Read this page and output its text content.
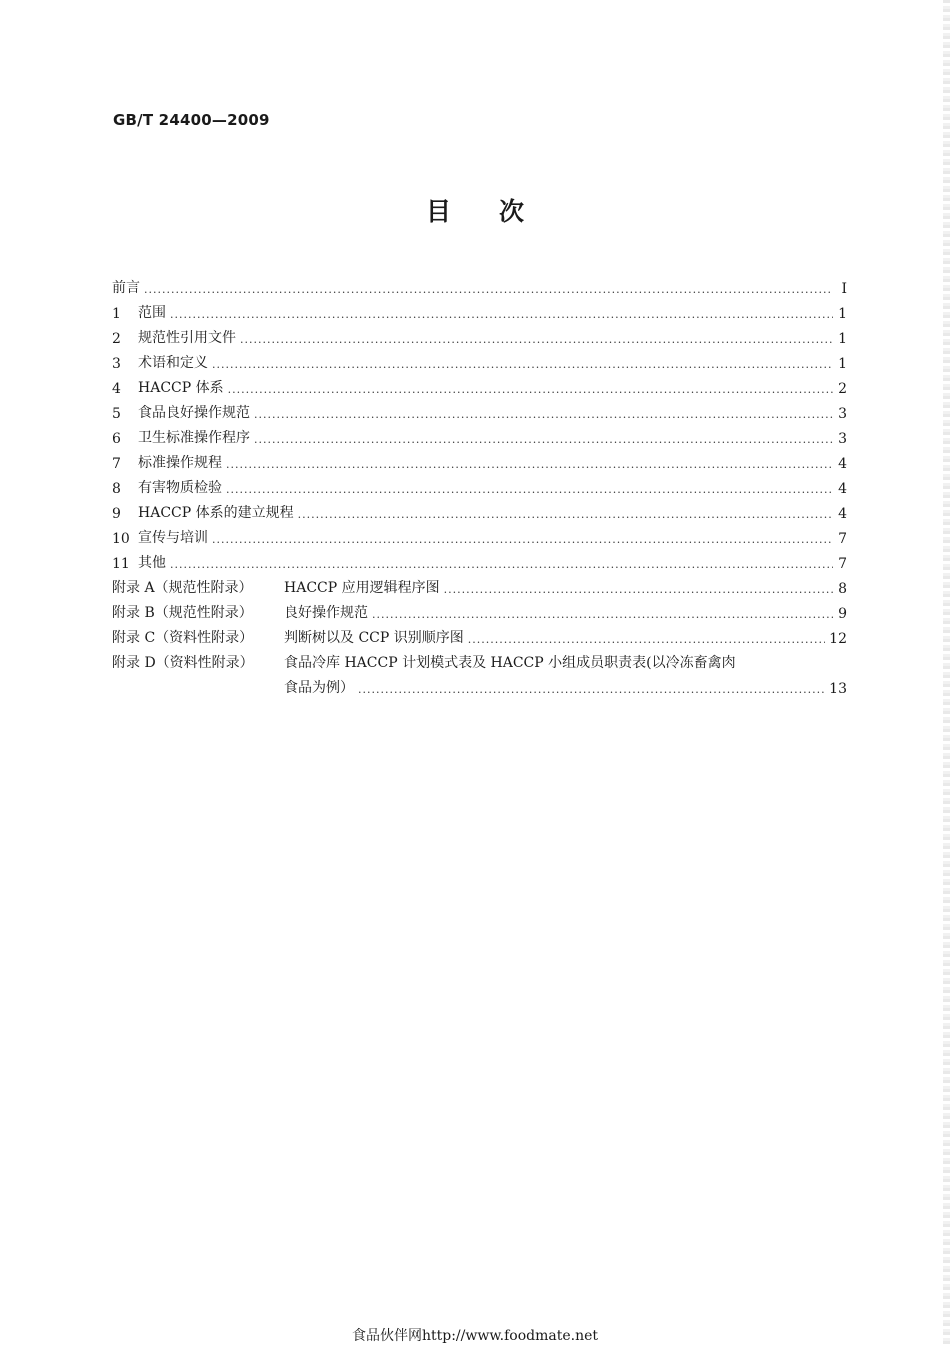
GB/T 24400—2009
目 次
前言 .....	Ⅰ
1	范围 .....	1
2	规范性引用文件 .....	1
3	术语和定义 .....	1
4	HACCP 体系 .....	2
5	食品良好操作规范 .....	3
6	卫生标准操作程序 .....	3
7	标准操作规程 .....	4
8	有害物质检验 .....	4
9	HACCP 体系的建立规程 .....	4
10 宣传与培训 .....	7
11 其他 .....	7
附录 A（规范性附录）	HACCP 应用逻辑程序图 .....	8
附录 B（规范性附录）	良好操作规范 .....	9
附录 C（资料性附录）	判断树以及 CCP 识别顺序图 .....	12
附录 D（资料性附录）	食品冷库 HACCP 计划模式表及 HACCP 小组成员职责表(以冷冻畜禽肉
食品为例） .....	13
食品伙伴网http://www.foodmate.net
